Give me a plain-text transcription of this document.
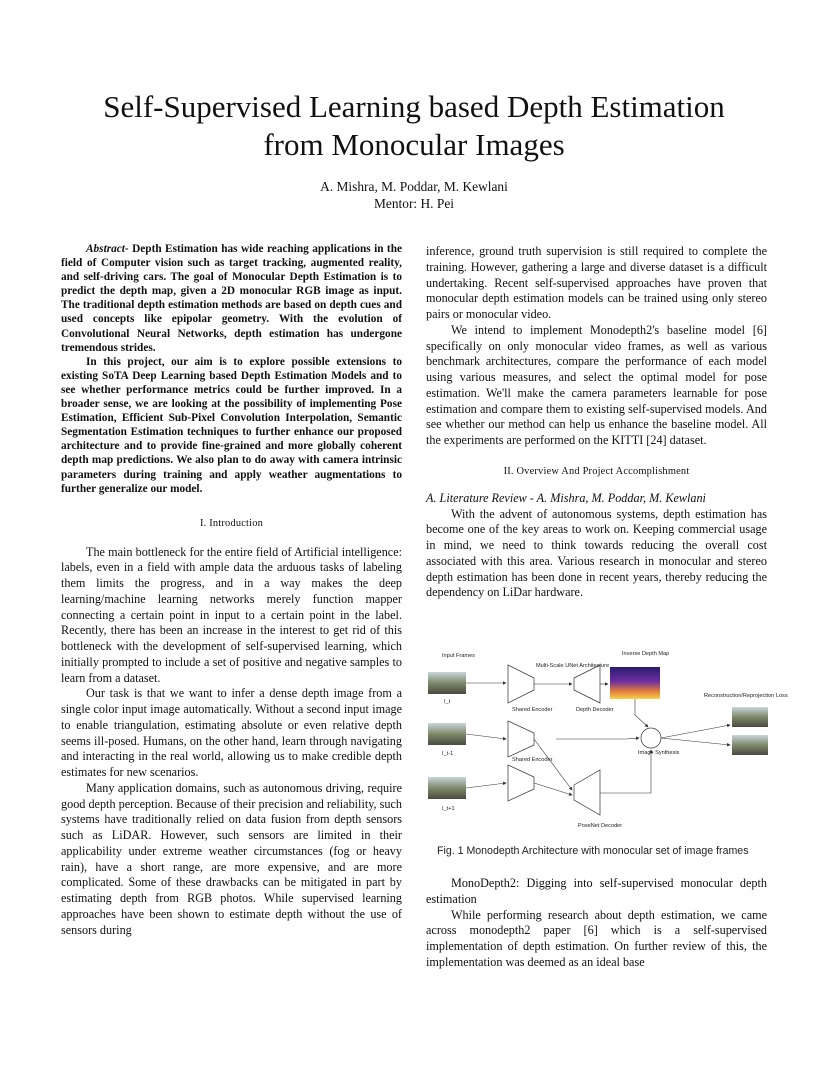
Self-Supervised Learning based Depth Estimation
from Monocular Images
A. Mishra, M. Poddar, M. Kewlani
Mentor: H. Pei

Abstract- Depth Estimation has wide reaching applications in the field of Computer vision such as target tracking, augmented reality, and self-driving cars. The goal of Monocular Depth Estimation is to predict the depth map, given a 2D monocular RGB image as input. The traditional depth estimation methods are based on depth cues and used concepts like epipolar geometry. With the evolution of Convolutional Neural Networks, depth estimation has undergone tremendous strides.

In this project, our aim is to explore possible extensions to existing SoTA Deep Learning based Depth Estimation Models and to see whether performance metrics could be further improved. In a broader sense, we are looking at the possibility of implementing Pose Estimation, Efficient Sub-Pixel Convolution Interpolation, Semantic Segmentation Estimation techniques to further enhance our proposed architecture and to provide fine-grained and more globally coherent depth map predictions. We also plan to do away with camera intrinsic parameters during training and apply weather augmentations to further generalize our model.

I. Introduction

The main bottleneck for the entire field of Artificial intelligence: labels, even in a field with ample data the arduous tasks of labeling them limits the progress, and in a way makes the deep learning/machine learning networks merely function mapper connecting a certain point in input to a certain point in the label. Recently, there has been an increase in the interest to get rid of this bottleneck with the development of self-supervised learning, which initially prompted to include a set of positive and negative samples to learn from a dataset.

Our task is that we want to infer a dense depth image from a single color input image automatically. Without a second input image to enable triangulation, estimating absolute or even relative depth seems ill-posed. Humans, on the other hand, learn through navigating and interacting in the real world, allowing us to make credible depth estimates for new scenarios.

Many application domains, such as autonomous driving, require good depth perception. Because of their precision and reliability, such systems have traditionally relied on data fusion from depth sensors such as LiDAR. However, such sensors are limited in their applicability under extreme weather circumstances (fog or heavy rain), have a short range, are more expensive, and are more complicated. Some of these drawbacks can be mitigated in part by estimating depth from RGB photos. While supervised learning approaches have been shown to estimate depth without the use of sensors during

inference, ground truth supervision is still required to complete the training. However, gathering a large and diverse dataset is a difficult undertaking. Recent self-supervised approaches have proven that monocular depth estimation models can be trained using only stereo pairs or monocular video.

We intend to implement Monodepth2's baseline model [6] specifically on only monocular video frames, as well as various benchmark architectures, compare the performance of each model using various measures, and select the optimal model for pose estimation. We'll make the camera parameters learnable for pose estimation and compare them to existing self-supervised models. And see whether our method can help us enhance the baseline model. All the experiments are performed on the KITTI [24] dataset.

II. Overview And Project Accomplishment

A. Literature Review - A. Mishra, M. Poddar, M. Kewlani

With the advent of autonomous systems, depth estimation has become one of the key areas to work on. Keeping commercial usage in mind, we need to think towards reducing the overall cost associated with this area. Various research in monocular and stereo depth estimation has been done in recent years, thereby reducing the dependency on LiDar hardware.

Input Frames
I_t
I_t-1
I_t+1
Multi-Scale UNet Architecture
Shared Encoder	Depth Decoder
Inverse Depth Map
Shared Encoder
PoseNet Decoder
Image Synthesis
Reconstruction/Reprojection Loss
Fig. 1 Monodepth Architecture with monocular set of image frames

MonoDepth2: Digging into self-supervised monocular depth estimation

While performing research about depth estimation, we came across monodepth2 paper [6] which is a self-supervised implementation of depth estimation. On further review of this, the implementation was deemed as an ideal base
